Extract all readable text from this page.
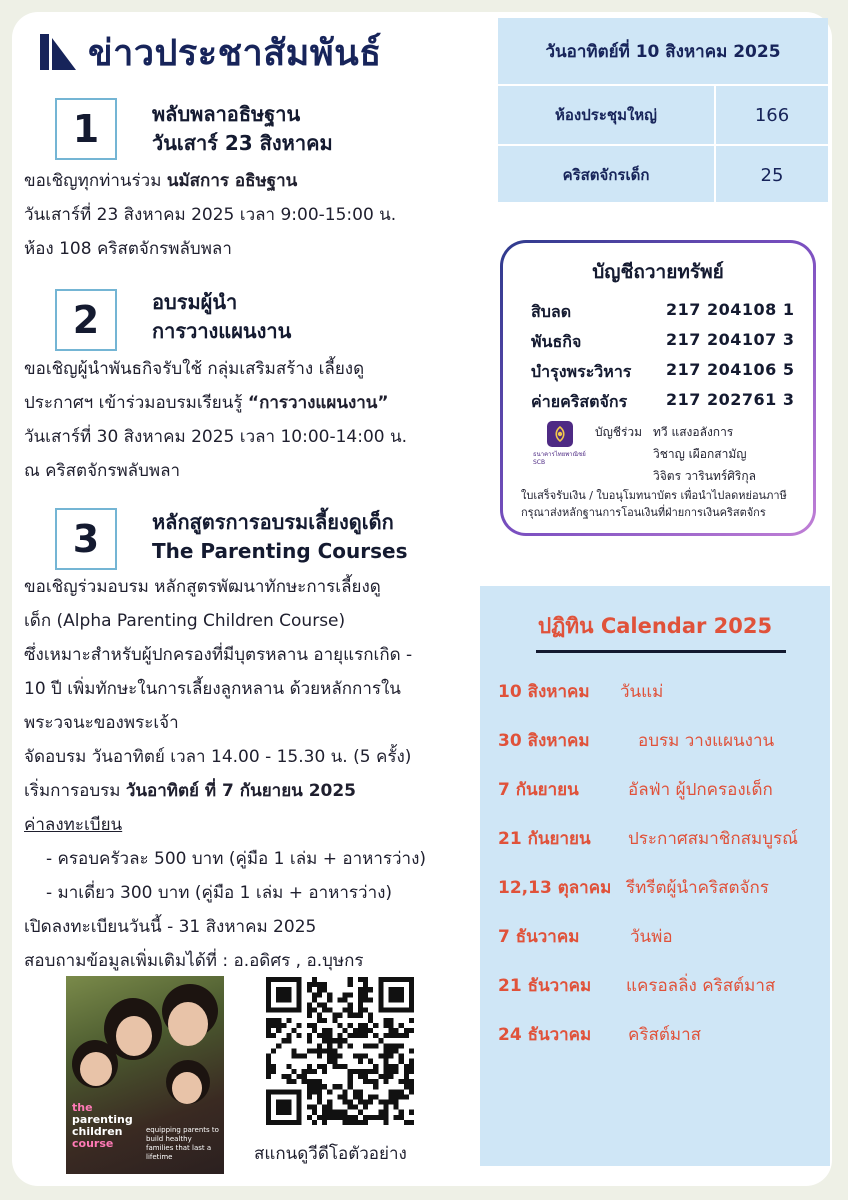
ข่าวประชาสัมพันธ์
1	พลับพลาอธิษฐาน
วันเสาร์ 23 สิงหาคม
ขอเชิญทุกท่านร่วม นมัสการ อธิษฐาน
วันเสาร์ที่ 23 สิงหาคม 2025 เวลา 9:00-15:00 น.
ห้อง 108 คริสตจักรพลับพลา
2	อบรมผู้นำ
การวางแผนงาน
ขอเชิญผู้นำพันธกิจรับใช้ กลุ่มเสริมสร้าง เลี้ยงดู
ประกาศฯ เข้าร่วมอบรมเรียนรู้ “การวางแผนงาน”
วันเสาร์ที่ 30 สิงหาคม 2025 เวลา 10:00-14:00 น.
ณ คริสตจักรพลับพลา
3	หลักสูตรการอบรมเลี้ยงดูเด็ก
The Parenting Courses
ขอเชิญร่วมอบรม หลักสูตรพัฒนาทักษะการเลี้ยงดู
เด็ก (Alpha Parenting Children Course)
ซึ่งเหมาะสำหรับผู้ปกครองที่มีบุตรหลาน อายุแรกเกิด -
10 ปี เพิ่มทักษะในการเลี้ยงลูกหลาน ด้วยหลักการใน
พระวจนะของพระเจ้า
จัดอบรม วันอาทิตย์ เวลา 14.00 - 15.30 น. (5 ครั้ง)
เริ่มการอบรม วันอาทิตย์ ที่ 7 กันยายน 2025
ค่าลงทะเบียน
- ครอบครัวละ 500 บาท (คู่มือ 1 เล่ม + อาหารว่าง)
- มาเดี่ยว 300 บาท (คู่มือ 1 เล่ม + อาหารว่าง)
เปิดลงทะเบียนวันนี้ - 31 สิงหาคม 2025
สอบถามข้อมูลเพิ่มเติมได้ที่ : อ.อดิศร , อ.บุษกร
the
parenting
children
course
equipping parents to build healthy families that last a lifetime	สแกนดูวีดีโอตัวอย่าง
วันอาทิตย์ที่ 10 สิงหาคม 2025
ห้องประชุมใหญ่	166
คริสตจักรเด็ก	25
บัญชีถวายทรัพย์
สิบลด	217 204108 1
พันธกิจ	217 204107 3
บำรุงพระวิหาร 217 204106 5
ค่ายคริสตจักร 217 202761 3
ธนาคารไทยพาณิชย์
SCB
บัญชีร่วม ทวี แสงอลังการ
วิชาญ เผือกสามัญ
วิจิตร วารินทร์ศิริกุล
ใบเสร็จรับเงิน / ใบอนุโมทนาบัตร เพื่อนำไปลดหย่อนภาษี
กรุณาส่งหลักฐานการโอนเงินที่ฝ่ายการเงินคริสตจักร
ปฏิทิน Calendar 2025
10 สิงหาคม วันแม่
30 สิงหาคม	อบรม วางแผนงาน
7 กันยายน	อัลฟ่า ผู้ปกครองเด็ก
21 กันยายน ประกาศสมาชิกสมบูรณ์
12,13 ตุลาคม รีทรีตผู้นำคริสตจักร
7 ธันวาคม	วันพ่อ
21 ธันวาคม แครอลลิ่ง คริสต์มาส
24 ธันวาคม คริสต์มาส
